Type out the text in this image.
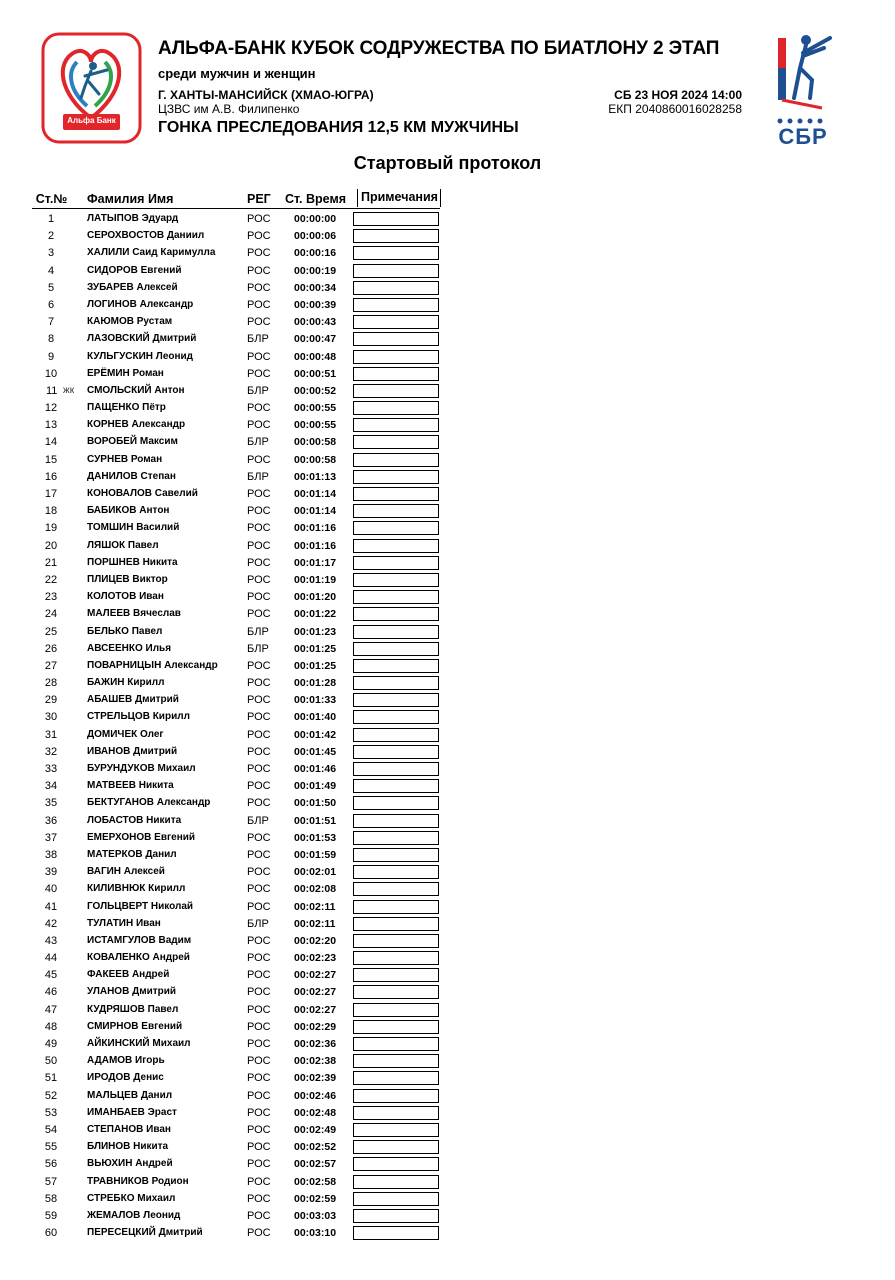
Альфа Банк
СБР
АЛЬФА-БАНК КУБОК СОДРУЖЕСТВА ПО БИАТЛОНУ 2 ЭТАП
среди мужчин и женщин
Г. ХАНТЫ-МАНСИЙСК (ХМАО-ЮГРА)
ЦЗВС им А.В. Филипенко
ГОНКА ПРЕСЛЕДОВАНИЯ 12,5 КМ МУЖЧИНЫ
СБ 23 НОЯ 2024 14:00
ЕКП 2040860016028258
Стартовый протокол
Ст.№	Фамилия Имя	РЕГ Ст. Время	Примечания
1	ЛАТЫПОВ Эдуард	РОС 00:00:00
2	СЕРОХВОСТОВ Даниил	РОС 00:00:06
3	ХАЛИЛИ Саид Каримулла	РОС 00:00:16
4	СИДОРОВ Евгений	РОС 00:00:19
5	ЗУБАРЕВ Алексей	РОС 00:00:34
6	ЛОГИНОВ Александр	РОС 00:00:39
7	КАЮМОВ Рустам	РОС 00:00:43
8	ЛАЗОВСКИЙ Дмитрий	БЛР 00:00:47
9	КУЛЬГУСКИН Леонид	РОС 00:00:48
10	ЕРЁМИН Роман	РОС 00:00:51
11 жк СМОЛЬСКИЙ Антон	БЛР 00:00:52
12	ПАЩЕНКО Пётр	РОС 00:00:55
13	КОРНЕВ Александр	РОС 00:00:55
14	ВОРОБЕЙ Максим	БЛР 00:00:58
15	СУРНЕВ Роман	РОС 00:00:58
16	ДАНИЛОВ Степан	БЛР 00:01:13
17	КОНОВАЛОВ Савелий	РОС 00:01:14
18	БАБИКОВ Антон	РОС 00:01:14
19	ТОМШИН Василий	РОС 00:01:16
20	ЛЯШОК Павел	РОС 00:01:16
21	ПОРШНЕВ Никита	РОС 00:01:17
22	ПЛИЦЕВ Виктор	РОС 00:01:19
23	КОЛОТОВ Иван	РОС 00:01:20
24	МАЛЕЕВ Вячеслав	РОС 00:01:22
25	БЕЛЬКО Павел	БЛР 00:01:23
26	АВСЕЕНКО Илья	БЛР 00:01:25
27	ПОВАРНИЦЫН Александр	РОС 00:01:25
28	БАЖИН Кирилл	РОС 00:01:28
29	АБАШЕВ Дмитрий	РОС 00:01:33
30	СТРЕЛЬЦОВ Кирилл	РОС 00:01:40
31	ДОМИЧЕК Олег	РОС 00:01:42
32	ИВАНОВ Дмитрий	РОС 00:01:45
33	БУРУНДУКОВ Михаил	РОС 00:01:46
34	МАТВЕЕВ Никита	РОС 00:01:49
35	БЕКТУГАНОВ Александр	РОС 00:01:50
36	ЛОБАСТОВ Никита	БЛР 00:01:51
37	ЕМЕРХОНОВ Евгений	РОС 00:01:53
38	МАТЕРКОВ Данил	РОС 00:01:59
39	ВАГИН Алексей	РОС 00:02:01
40	КИЛИВНЮК Кирилл	РОС 00:02:08
41	ГОЛЬЦВЕРТ Николай	РОС 00:02:11
42	ТУЛАТИН Иван	БЛР 00:02:11
43	ИСТАМГУЛОВ Вадим	РОС 00:02:20
44	КОВАЛЕНКО Андрей	РОС 00:02:23
45	ФАКЕЕВ Андрей	РОС 00:02:27
46	УЛАНОВ Дмитрий	РОС 00:02:27
47	КУДРЯШОВ Павел	РОС 00:02:27
48	СМИРНОВ Евгений	РОС 00:02:29
49	АЙКИНСКИЙ Михаил	РОС 00:02:36
50	АДАМОВ Игорь	РОС 00:02:38
51	ИРОДОВ Денис	РОС 00:02:39
52	МАЛЬЦЕВ Данил	РОС 00:02:46
53	ИМАНБАЕВ Эраст	РОС 00:02:48
54	СТЕПАНОВ Иван	РОС 00:02:49
55	БЛИНОВ Никита	РОС 00:02:52
56	ВЬЮХИН Андрей	РОС 00:02:57
57	ТРАВНИКОВ Родион	РОС 00:02:58
58	СТРЕБКО Михаил	РОС 00:02:59
59	ЖЕМАЛОВ Леонид	РОС 00:03:03
60	ПЕРЕСЕЦКИЙ Дмитрий	РОС 00:03:10
